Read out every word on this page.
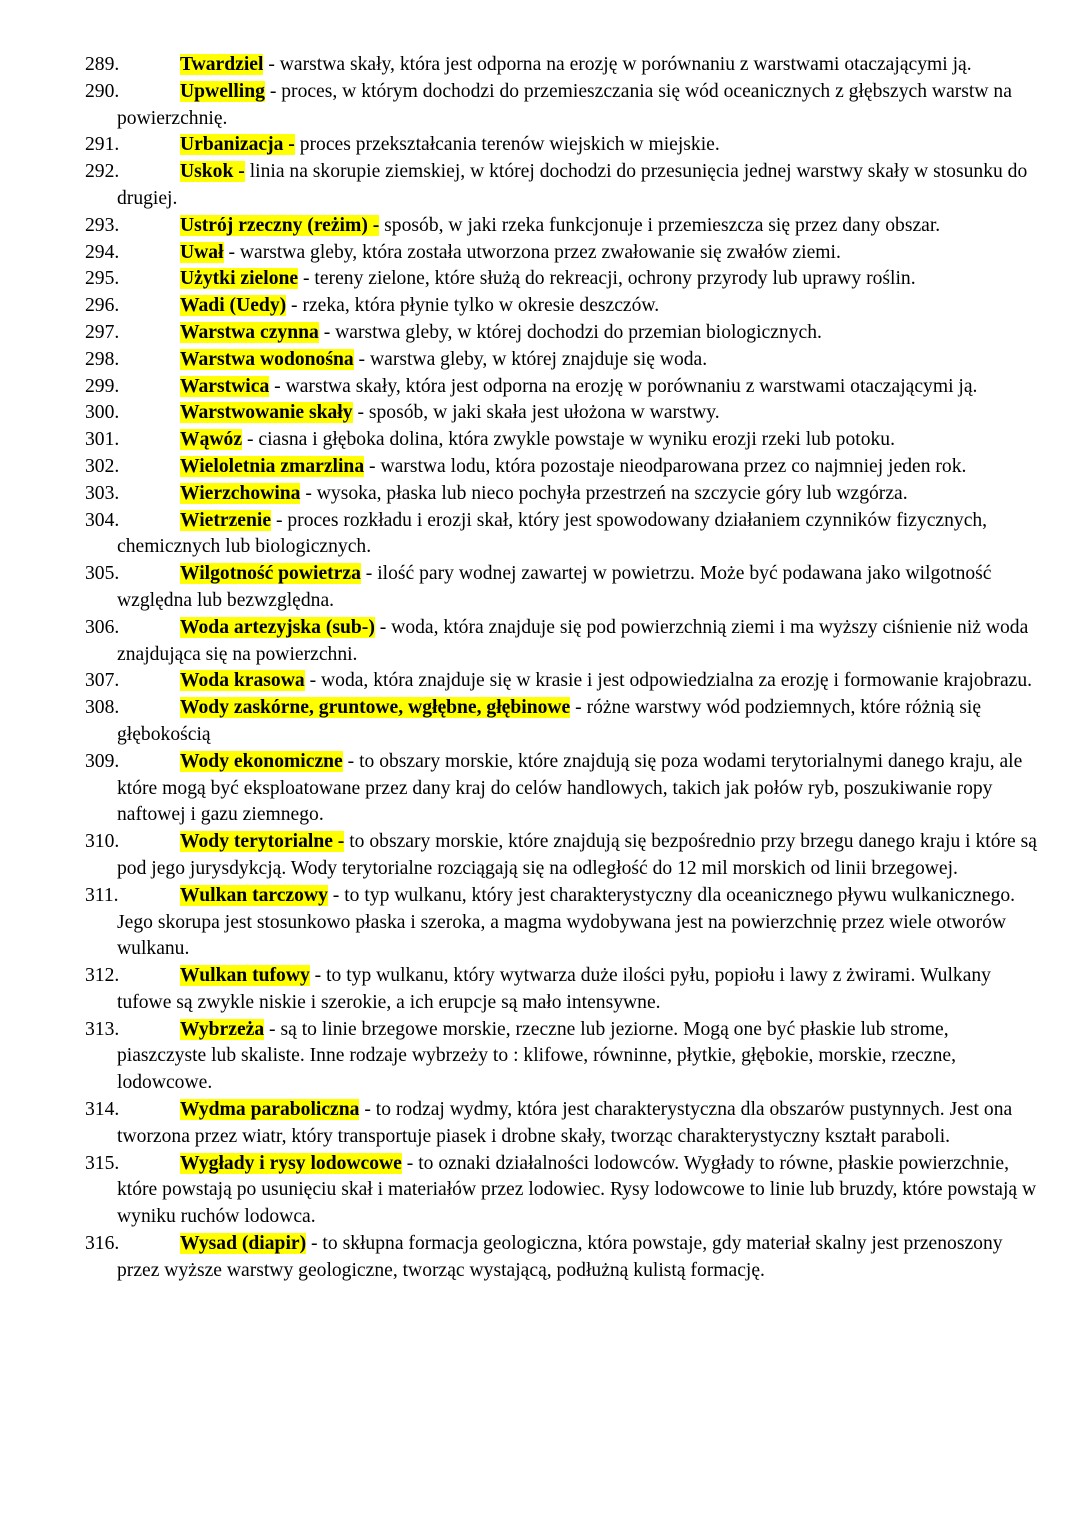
289.	Twardziel - warstwa skały, która jest odporna na erozję w porównaniu z warstwami otaczającymi ją.

290.	Upwelling - proces, w którym dochodzi do przemieszczania się wód oceanicznych z głębszych warstw na powierzchnię.

291.	Urbanizacja - proces przekształcania terenów wiejskich w miejskie.

292.	Uskok - linia na skorupie ziemskiej, w której dochodzi do przesunięcia jednej warstwy skały w stosunku do drugiej.

293.	Ustrój rzeczny (reżim) - sposób, w jaki rzeka funkcjonuje i przemieszcza się przez dany obszar.

294.	Uwał - warstwa gleby, która została utworzona przez zwałowanie się zwałów ziemi.

295.	Użytki zielone - tereny zielone, które służą do rekreacji, ochrony przyrody lub uprawy roślin.

296.	Wadi (Uedy) - rzeka, która płynie tylko w okresie deszczów.

297.	Warstwa czynna - warstwa gleby, w której dochodzi do przemian biologicznych.

298.	Warstwa wodonośna - warstwa gleby, w której znajduje się woda.

299.	Warstwica - warstwa skały, która jest odporna na erozję w porównaniu z warstwami otaczającymi ją.

300.	Warstwowanie skały - sposób, w jaki skała jest ułożona w warstwy.

301.	Wąwóz - ciasna i głęboka dolina, która zwykle powstaje w wyniku erozji rzeki lub potoku.

302.	Wieloletnia zmarzlina - warstwa lodu, która pozostaje nieodparowana przez co najmniej jeden rok.

303.	Wierzchowina - wysoka, płaska lub nieco pochyła przestrzeń na szczycie góry lub wzgórza.

304.	Wietrzenie - proces rozkładu i erozji skał, który jest spowodowany działaniem czynników fizycznych, chemicznych lub biologicznych.

305.	Wilgotność powietrza - ilość pary wodnej zawartej w powietrzu. Może być podawana jako wilgotność względna lub bezwzględna.

306.	Woda artezyjska (sub-) - woda, która znajduje się pod powierzchnią ziemi i ma wyższy ciśnienie niż woda znajdująca się na powierzchni.

307.	Woda krasowa - woda, która znajduje się w krasie i jest odpowiedzialna za erozję i formowanie krajobrazu.

308.	Wody zaskórne, gruntowe, wgłębne, głębinowe - różne warstwy wód podziemnych, które różnią się głębokością

309.	Wody ekonomiczne - to obszary morskie, które znajdują się poza wodami terytorialnymi danego kraju, ale które mogą być eksploatowane przez dany kraj do celów handlowych, takich jak połów ryb, poszukiwanie ropy naftowej i gazu ziemnego.

310.	Wody terytorialne - to obszary morskie, które znajdują się bezpośrednio przy brzegu danego kraju i które są pod jego jurysdykcją. Wody terytorialne rozciągają się na odległość do 12 mil morskich od linii brzegowej.

311.	Wulkan tarczowy - to typ wulkanu, który jest charakterystyczny dla oceanicznego pływu wulkanicznego. Jego skorupa jest stosunkowo płaska i szeroka, a magma wydobywana jest na powierzchnię przez wiele otworów wulkanu.

312.	Wulkan tufowy - to typ wulkanu, który wytwarza duże ilości pyłu, popiołu i lawy z żwirami. Wulkany tufowe są zwykle niskie i szerokie, a ich erupcje są mało intensywne.

313.	Wybrzeża - są to linie brzegowe morskie, rzeczne lub jeziorne. Mogą one być płaskie lub strome, piaszczyste lub skaliste. Inne rodzaje wybrzeży to : klifowe, równinne, płytkie, głębokie, morskie, rzeczne, lodowcowe.

314.	Wydma paraboliczna - to rodzaj wydmy, która jest charakterystyczna dla obszarów pustynnych. Jest ona tworzona przez wiatr, który transportuje piasek i drobne skały, tworząc charakterystyczny kształt paraboli.

315.	Wygłady i rysy lodowcowe - to oznaki działalności lodowców. Wygłady to równe, płaskie powierzchnie, które powstają po usunięciu skał i materiałów przez lodowiec. Rysy lodowcowe to linie lub bruzdy, które powstają w wyniku ruchów lodowca.

316.	Wysad (diapir) - to skłupna formacja geologiczna, która powstaje, gdy materiał skalny jest przenoszony przez wyższe warstwy geologiczne, tworząc wystającą, podłużną kulistą formację.
